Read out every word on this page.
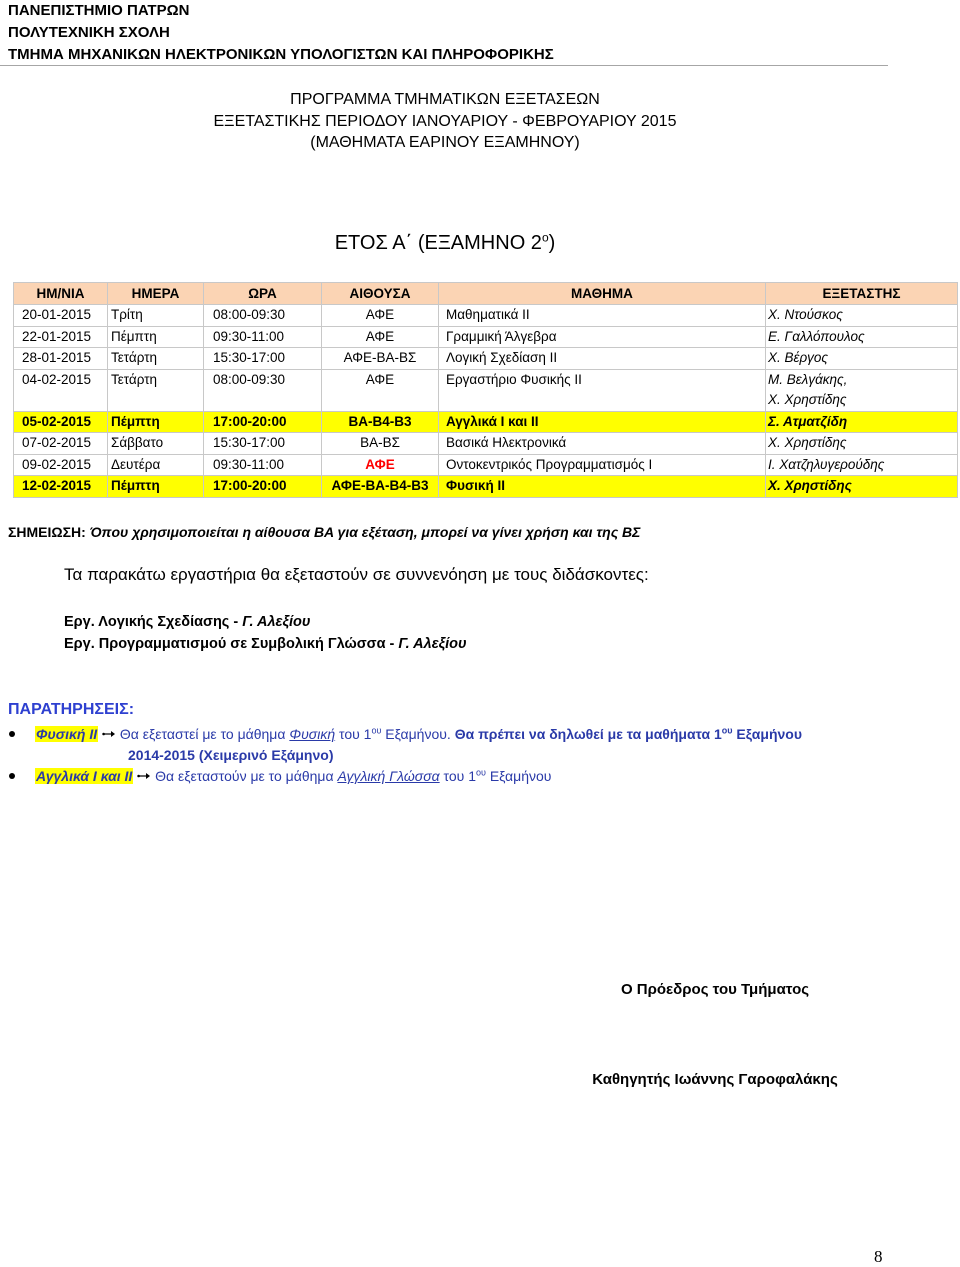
ΠΑΝΕΠΙΣΤΗΜΙΟ ΠΑΤΡΩΝ
ΠΟΛΥΤΕΧΝΙΚΗ ΣΧΟΛΗ
ΤΜΗΜΑ ΜΗΧΑΝΙΚΩΝ ΗΛΕΚΤΡΟΝΙΚΩΝ ΥΠΟΛΟΓΙΣΤΩΝ ΚΑΙ ΠΛΗΡΟΦΟΡΙΚΗΣ
ΠΡΟΓΡΑΜΜΑ ΤΜΗΜΑΤΙΚΩΝ ΕΞΕΤΑΣΕΩΝ
ΕΞΕΤΑΣΤΙΚΗΣ ΠΕΡΙΟΔΟΥ ΙΑΝΟΥΑΡΙΟΥ - ΦΕΒΡΟΥΑΡΙΟΥ 2015
(ΜΑΘΗΜΑΤΑ ΕΑΡΙΝΟΥ ΕΞΑΜΗΝΟΥ)
ΕΤΟΣ Α΄ (ΕΞΑΜΗΝΟ $2^o$)
ΗΜ/ΝΙΑ	ΗΜΕΡΑ	ΩΡΑ	ΑΙΘΟΥΣΑ	ΜΑΘΗΜΑ	ΕΞΕΤΑΣΤΗΣ
20-01-2015	Τρίτη	08:00-09:30	ΑΦΕ	Μαθηματικά ΙΙ	Χ. Ντούσκος
22-01-2015	Πέμπτη	09:30-11:00	ΑΦΕ	Γραμμική Άλγεβρα	Ε. Γαλλόπουλος
28-01-2015	Τετάρτη	15:30-17:00	ΑΦΕ-ΒΑ-ΒΣ	Λογική Σχεδίαση ΙΙ	Χ. Βέργος
04-02-2015	Τετάρτη	08:00-09:30	ΑΦΕ	Εργαστήριο Φυσικής ΙΙ	Μ. Βελγάκης,
Χ. Χρηστίδης
05-02-2015	Πέμπτη	17:00-20:00	ΒΑ-Β4-Β3	Αγγλικά Ι και ΙΙ	Σ. Ατματζίδη
07-02-2015	Σάββατο	15:30-17:00	ΒΑ-ΒΣ	Βασικά Ηλεκτρονικά	Χ. Χρηστίδης
09-02-2015	Δευτέρα	09:30-11:00	ΑΦΕ	Οντοκεντρικός Προγραμματισμός Ι	Ι. Χατζηλυγερούδης
12-02-2015	Πέμπτη	17:00-20:00	ΑΦΕ-ΒΑ-Β4-Β3	Φυσική ΙΙ	Χ. Χρηστίδης
ΣΗΜΕΙΩΣΗ: Όπου χρησιμοποιείται η αίθουσα ΒΑ για εξέταση, μπορεί να γίνει χρήση και της ΒΣ
Τα παρακάτω εργαστήρια θα εξεταστούν σε συννενόηση με τους διδάσκοντες:
Εργ. Λογικής Σχεδίασης - Γ. Αλεξίου
Εργ. Προγραμματισμού σε Συμβολική Γλώσσα - Γ. Αλεξίου
ΠΑΡΑΤΗΡΗΣΕΙΣ:
Φυσική ΙΙ Θα εξεταστεί με το μάθημα Φυσική του $1^{o\upsilon}$ Εξαμήνου. Θα πρέπει να δηλωθεί με τα μαθήματα $1^{o\upsilon}$ Εξαμήνου
2014-2015 (Χειμερινό Εξάμηνο)
Αγγλικά Ι και ΙΙ Θα εξεταστούν με το μάθημα Αγγλική Γλώσσα του $1^{o\upsilon}$ Εξαμήνου
Ο Πρόεδρος του Τμήματος
Καθηγητής Ιωάννης Γαροφαλάκης
8
